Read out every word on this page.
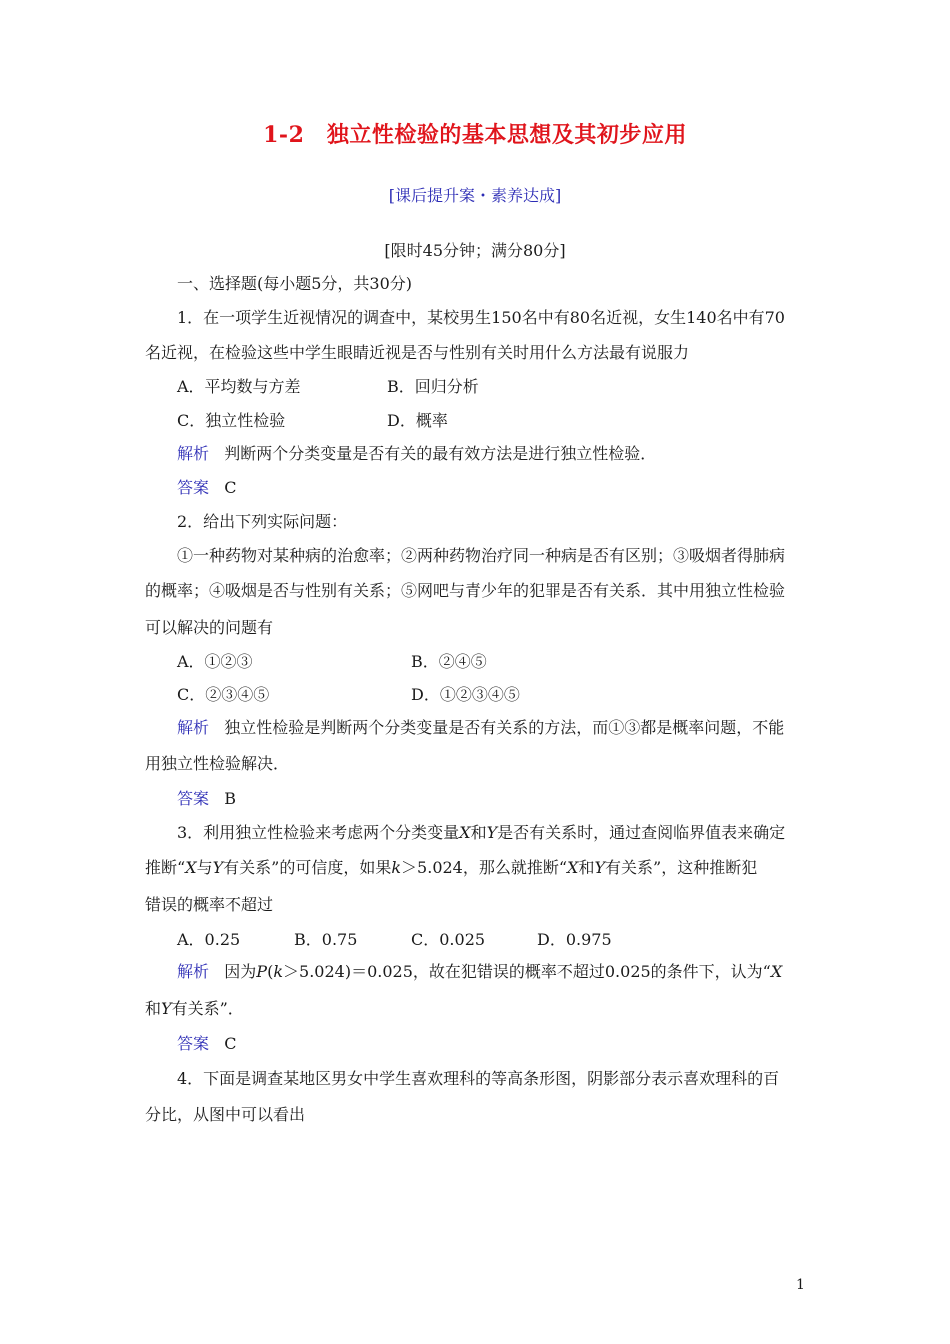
1-2　独立性检验的基本思想及其初步应用
[课后提升案・素养达成]
[限时45分钟；满分80分]
一、选择题(每小题5分，共30分)
1．在一项学生近视情况的调查中，某校男生150名中有80名近视，女生140名中有70
名近视，在检验这些中学生眼睛近视是否与性别有关时用什么方法最有说服力
A．平均数与方差	B．回归分析
C．独立性检验	D．概率
解析 判断两个分类变量是否有关的最有效方法是进行独立性检验．
答案 C
2．给出下列实际问题：
①一种药物对某种病的治愈率；②两种药物治疗同一种病是否有区别；③吸烟者得肺病
的概率；④吸烟是否与性别有关系；⑤网吧与青少年的犯罪是否有关系．其中用独立性检验
可以解决的问题有
A．①②③	B．②④⑤
C．②③④⑤	D．①②③④⑤
解析 独立性检验是判断两个分类变量是否有关系的方法，而①③都是概率问题，不能
用独立性检验解决．
答案 B
3．利用独立性检验来考虑两个分类变量X和Y是否有关系时，通过查阅临界值表来确定
推断“X与Y有关系”的可信度，如果k＞5.024，那么就推断“X和Y有关系”，这种推断犯
错误的概率不超过
A．0.25	B．0.75	C．0.025	D．0.975
解析 因为P(k＞5.024)＝0.025，故在犯错误的概率不超过0.025的条件下，认为“X
和Y有关系”．
答案 C
4．下面是调查某地区男女中学生喜欢理科的等高条形图，阴影部分表示喜欢理科的百
分比，从图中可以看出
1
